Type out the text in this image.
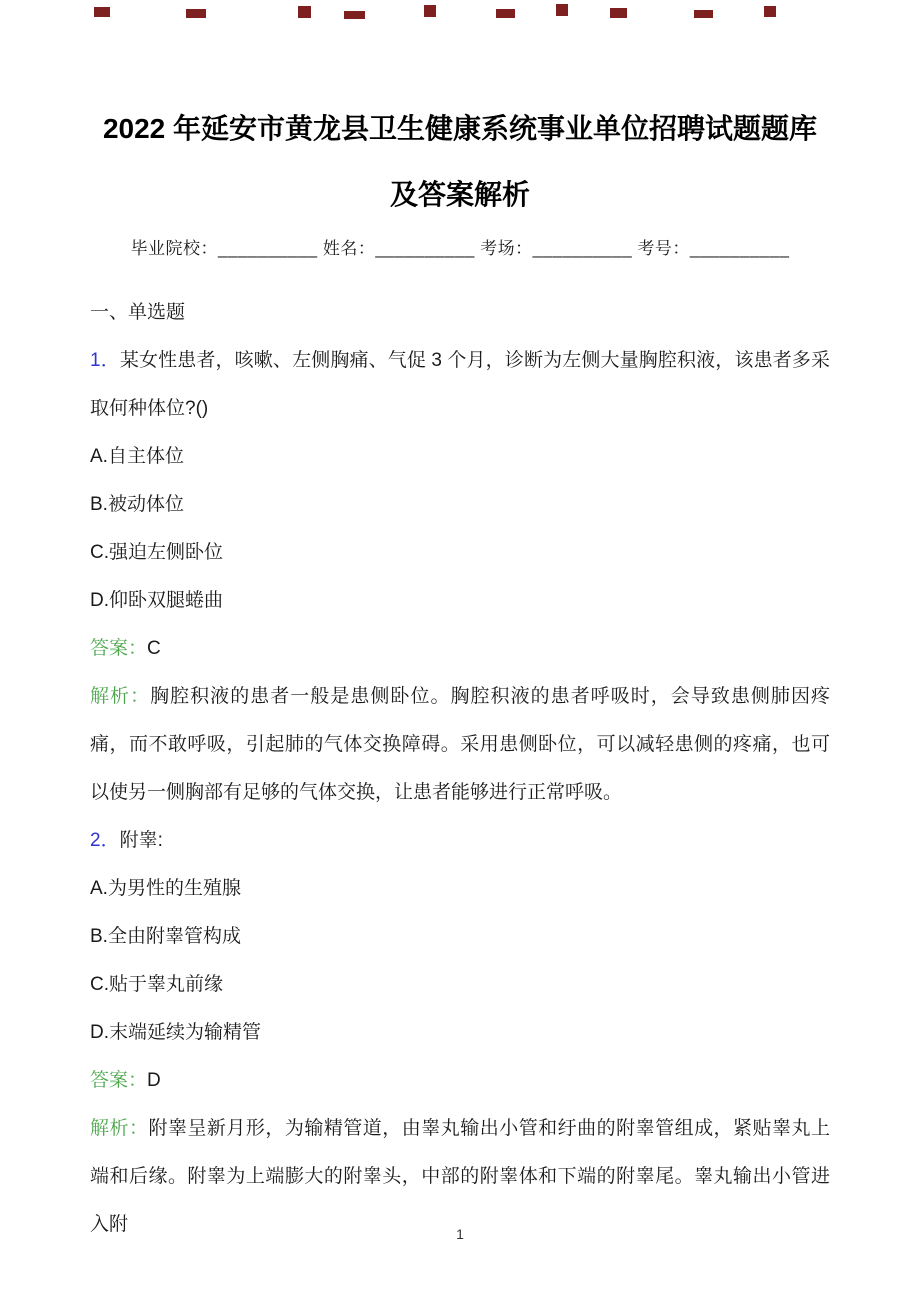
2022 年延安市黄龙县卫生健康系统事业单位招聘试题题库
及答案解析
毕业院校：__________ 姓名：__________ 考场：__________ 考号：__________

一、单选题

1．某女性患者，咳嗽、左侧胸痛、气促 3 个月，诊断为左侧大量胸腔积液，该患者多采取何种体位?()

A.自主体位

B.被动体位

C.强迫左侧卧位

D.仰卧双腿蜷曲

答案：C

解析：胸腔积液的患者一般是患侧卧位。胸腔积液的患者呼吸时，会导致患侧肺因疼痛，而不敢呼吸，引起肺的气体交换障碍。采用患侧卧位，可以减轻患侧的疼痛，也可以使另一侧胸部有足够的气体交换，让患者能够进行正常呼吸。

2．附睾:

A.为男性的生殖腺

B.全由附睾管构成

C.贴于睾丸前缘

D.末端延续为输精管

答案：D

解析：附睾呈新月形，为输精管道，由睾丸输出小管和纡曲的附睾管组成，紧贴睾丸上端和后缘。附睾为上端膨大的附睾头，中部的附睾体和下端的附睾尾。睾丸输出小管进入附	1
